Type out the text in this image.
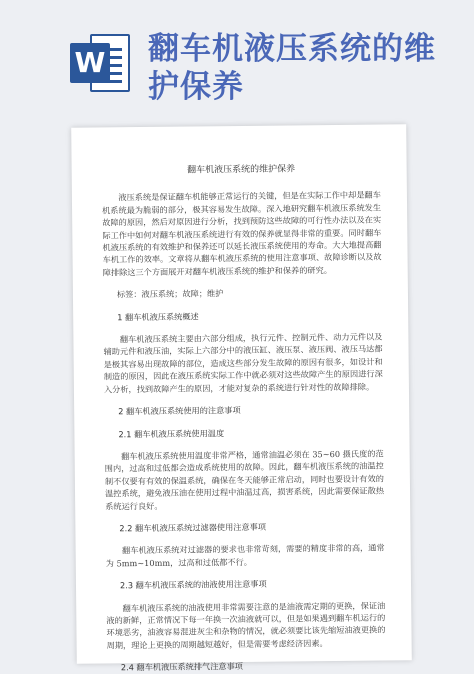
W 翻车机液压系统的维护保养
翻车机液压系统的维护保养

液压系统是保证翻车机能够正常运行的关键，但是在实际工作中却是翻车机系统最为脆弱的部分，极其容易发生故障。深入地研究翻车机液压系统发生故障的原因，然后对原因进行分析，找到预防这些故障的可行性办法以及在实际工作中如何对翻车机液压系统进行有效的保养就显得非常的重要。同时翻车机液压系统的有效维护和保养还可以延长液压系统使用的寿命。大大地提高翻车机工作的效率。文章将从翻车机液压系统的使用注意事项、故障诊断以及故障排除这三个方面展开对翻车机液压系统的维护和保养的研究。

标签：液压系统；故障；维护

1 翻车机液压系统概述

翻车机液压系统主要由六部分组成，执行元件、控制元件、动力元件以及辅助元件和液压油，实际上六部分中的液压缸、液压泵、液压阀、液压马达都是极其容易出现故障的部位，造成这些部分发生故障的原因有很多，如设计和制造的原因，因此在液压系统实际工作中就必须对这些故障产生的原因进行深入分析，找到故障产生的原因，才能对复杂的系统进行针对性的故障排除。

2 翻车机液压系统使用的注意事项

2.1 翻车机液压系统使用温度

翻车机液压系统使用温度非常严格，通常油温必须在 35~60 摄氏度的范围内，过高和过低都会造成系统使用的故障。因此，翻车机液压系统的油温控制不仅要有有效的保温系统，确保在冬天能够正常启动，同时也要设计有效的温控系统，避免液压油在使用过程中油温过高，损害系统，因此需要保证散热系统运行良好。

2.2 翻车机液压系统过滤器使用注意事项

翻车机液压系统对过滤器的要求也非常苛刻，需要的精度非常的高，通常为 5mm~10mm，过高和过低都不行。

2.3 翻车机液压系统的油液使用注意事项

翻车机液压系统的油液使用非常需要注意的是油液需定期的更换，保证油液的新鲜，正常情况下每一年换一次油液就可以，但是如果遇到翻车机运行的环境恶劣，油液容易混进灰尘和杂物的情况，就必须要比该先缩短油液更换的周期，理论上更换的周期越短越好，但是需要考虑经济因素。

2.4 翻车机液压系统排气注意事项
